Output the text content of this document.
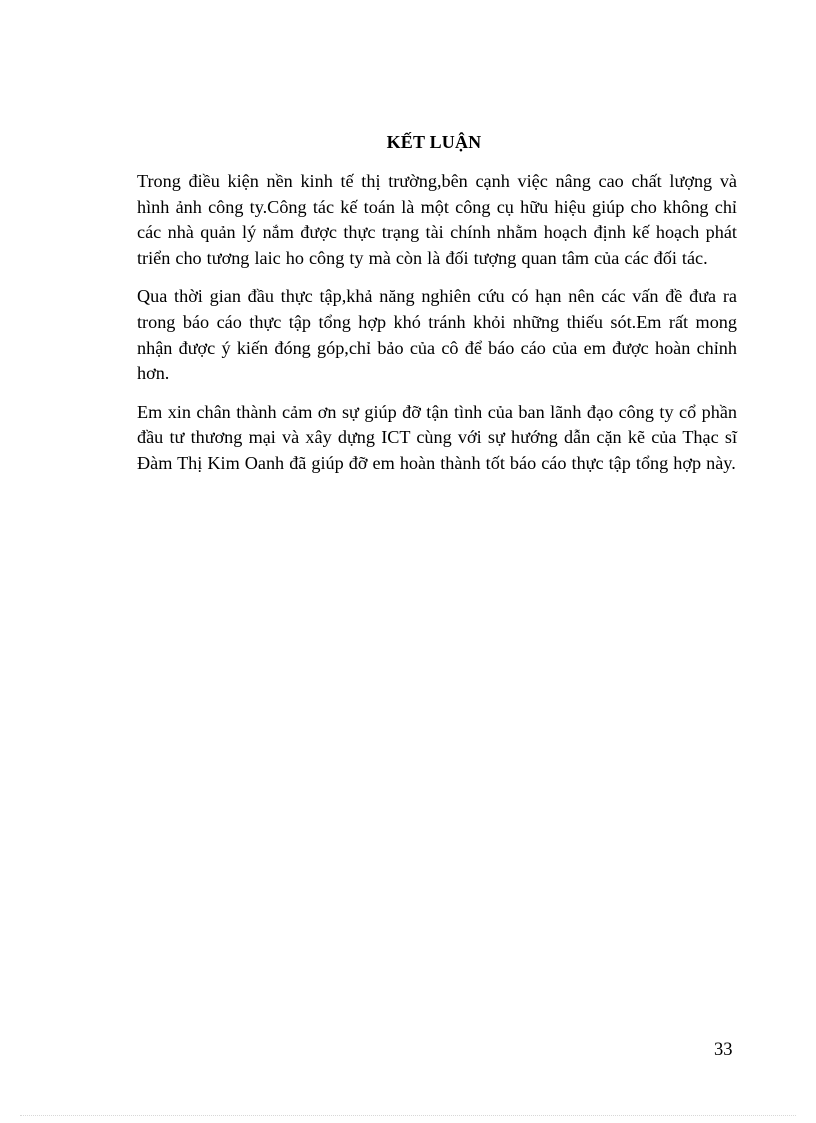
KẾT LUẬN

Trong điều kiện nền kinh tế thị trường,bên cạnh việc nâng cao chất lượng và hình ảnh công ty.Công tác kế toán là một công cụ hữu hiệu giúp cho không chỉ các nhà quản lý nắm được thực trạng tài chính nhằm hoạch định kế hoạch phát triển cho tương laic ho công ty mà còn là đối tượng quan tâm của các đối tác.

Qua thời gian đầu thực tập,khả năng nghiên cứu có hạn nên các vấn đề đưa ra trong báo cáo thực tập tổng hợp khó tránh khỏi những thiếu sót.Em rất mong nhận được ý kiến đóng góp,chỉ bảo của cô để báo cáo của em được hoàn chỉnh hơn.

Em xin chân thành cảm ơn sự giúp đỡ tận tình của ban lãnh đạo công ty cổ phần đầu tư thương mại và xây dựng ICT cùng với sự hướng dẫn cặn kẽ của Thạc sĩ Đàm Thị Kim Oanh đã giúp đỡ em hoàn thành tốt báo cáo thực tập tổng hợp này.

33
